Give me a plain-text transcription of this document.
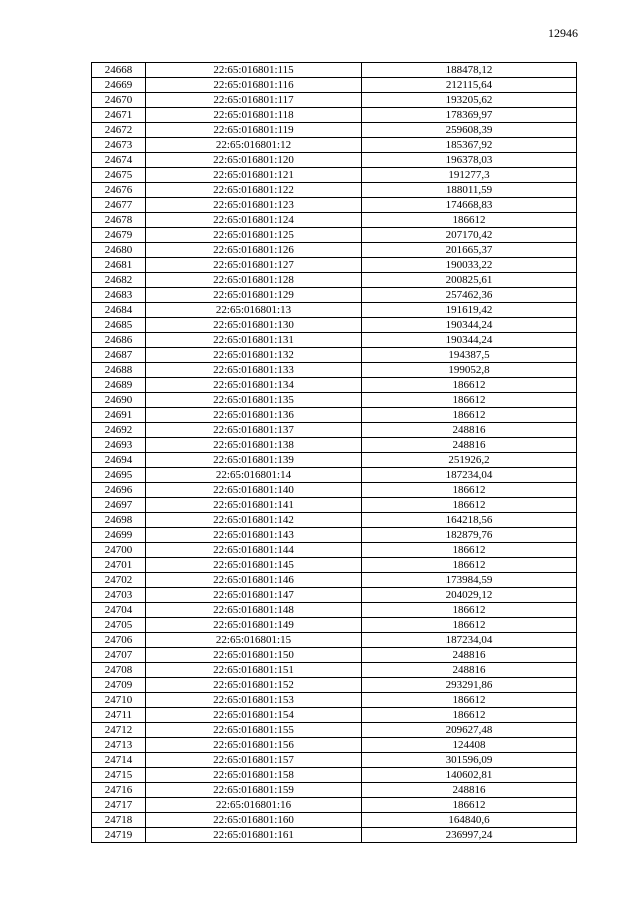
12946
24668	22:65:016801:115	188478,12
24669	22:65:016801:116	212115,64
24670	22:65:016801:117	193205,62
24671	22:65:016801:118	178369,97
24672	22:65:016801:119	259608,39
24673	22:65:016801:12	185367,92
24674	22:65:016801:120	196378,03
24675	22:65:016801:121	191277,3
24676	22:65:016801:122	188011,59
24677	22:65:016801:123	174668,83
24678	22:65:016801:124	186612
24679	22:65:016801:125	207170,42
24680	22:65:016801:126	201665,37
24681	22:65:016801:127	190033,22
24682	22:65:016801:128	200825,61
24683	22:65:016801:129	257462,36
24684	22:65:016801:13	191619,42
24685	22:65:016801:130	190344,24
24686	22:65:016801:131	190344,24
24687	22:65:016801:132	194387,5
24688	22:65:016801:133	199052,8
24689	22:65:016801:134	186612
24690	22:65:016801:135	186612
24691	22:65:016801:136	186612
24692	22:65:016801:137	248816
24693	22:65:016801:138	248816
24694	22:65:016801:139	251926,2
24695	22:65:016801:14	187234,04
24696	22:65:016801:140	186612
24697	22:65:016801:141	186612
24698	22:65:016801:142	164218,56
24699	22:65:016801:143	182879,76
24700	22:65:016801:144	186612
24701	22:65:016801:145	186612
24702	22:65:016801:146	173984,59
24703	22:65:016801:147	204029,12
24704	22:65:016801:148	186612
24705	22:65:016801:149	186612
24706	22:65:016801:15	187234,04
24707	22:65:016801:150	248816
24708	22:65:016801:151	248816
24709	22:65:016801:152	293291,86
24710	22:65:016801:153	186612
24711	22:65:016801:154	186612
24712	22:65:016801:155	209627,48
24713	22:65:016801:156	124408
24714	22:65:016801:157	301596,09
24715	22:65:016801:158	140602,81
24716	22:65:016801:159	248816
24717	22:65:016801:16	186612
24718	22:65:016801:160	164840,6
24719	22:65:016801:161	236997,24
